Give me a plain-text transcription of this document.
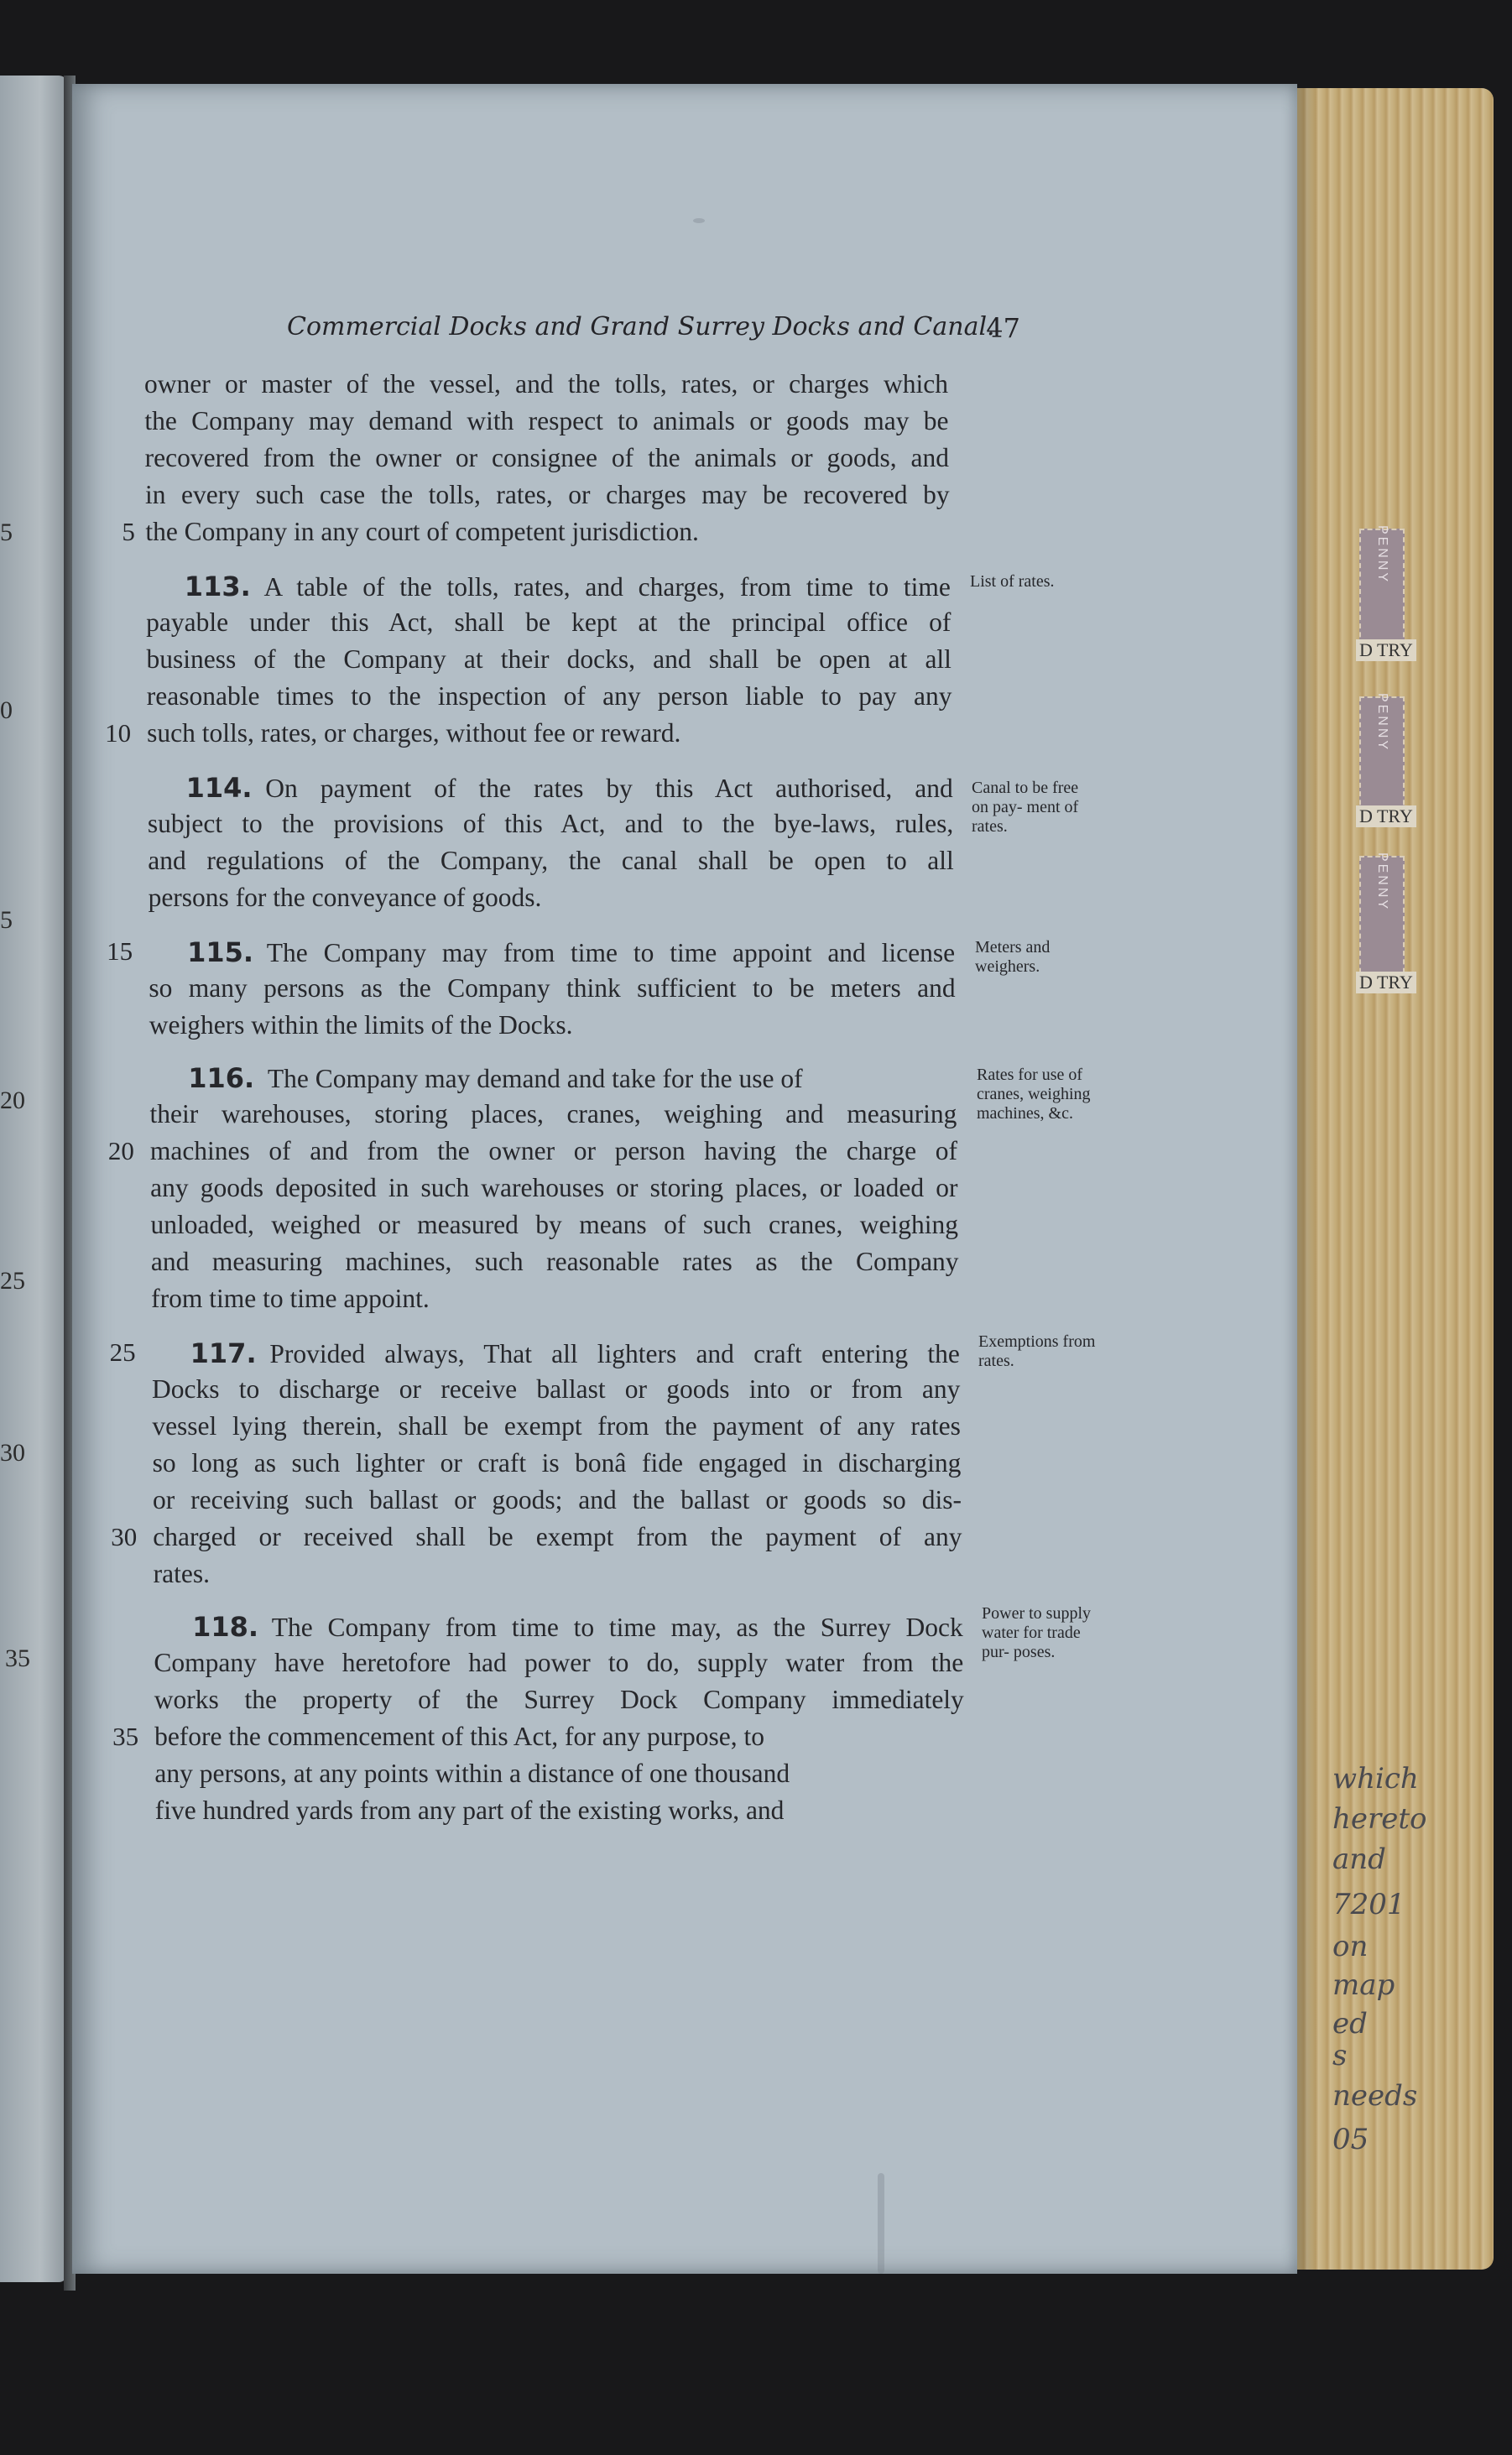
5
0
5
20
25
30
35
PENNY
PENNY
PENNY
D TRY
D TRY
D TRY
which
hereto
and
7201
on
map
ed
s
needs
05
Commercial Docks and Grand Surrey Docks and Canal.
47
List of rates.
Canal to be free on pay- ment of rates.
Meters and weighers.
Rates for use of cranes, weighing machines, &c.
Exemptions from rates.
Power to supply water for trade pur- poses.
owner or master of the vessel, and the tolls, rates, or charges which
the Company may demand with respect to animals or goods may be
recovered from the owner or consignee of the animals or goods, and
in every such case the tolls, rates, or charges may be recovered by
the Company in any court of competent jurisdiction.
5
113.  A table of the tolls, rates, and charges, from time to time
payable under this Act, shall be kept at the principal office of
business of the Company at their docks, and shall be open at all
reasonable times to the inspection of any person liable to pay any
such tolls, rates, or charges, without fee or reward.
10
114.  On payment of the rates by this Act authorised, and
subject to the provisions of this Act, and to the bye-laws, rules,
and regulations of the Company, the canal shall be open to all
persons for the conveyance of goods.
115.  The Company may from time to time appoint and license
15
so many persons as the Company think sufficient to be meters and
weighers within the limits of the Docks.
116.  The Company may demand and take for the use of
their warehouses, storing places, cranes, weighing and measuring
machines of and from the owner or person having the charge of
20
any goods deposited in such warehouses or storing places, or loaded or
unloaded, weighed or measured by means of such cranes, weighing
and measuring machines, such reasonable rates as the Company
from time to time appoint.
117.  Provided always, That all lighters and craft entering the
25
Docks to discharge or receive ballast or goods into or from any
vessel lying therein, shall be exempt from the payment of any rates
so long as such lighter or craft is bonâ fide engaged in discharging
or receiving such ballast or goods; and the ballast or goods so dis-
charged or received shall be exempt from the payment of any
30
rates.
118.  The Company from time to time may, as the Surrey Dock
Company have heretofore had power to do, supply water from the
works the property of the Surrey Dock Company immediately
before the commencement of this Act, for any purpose, to
35
any persons, at any points within a distance of one thousand
five hundred yards from any part of the existing works, and
